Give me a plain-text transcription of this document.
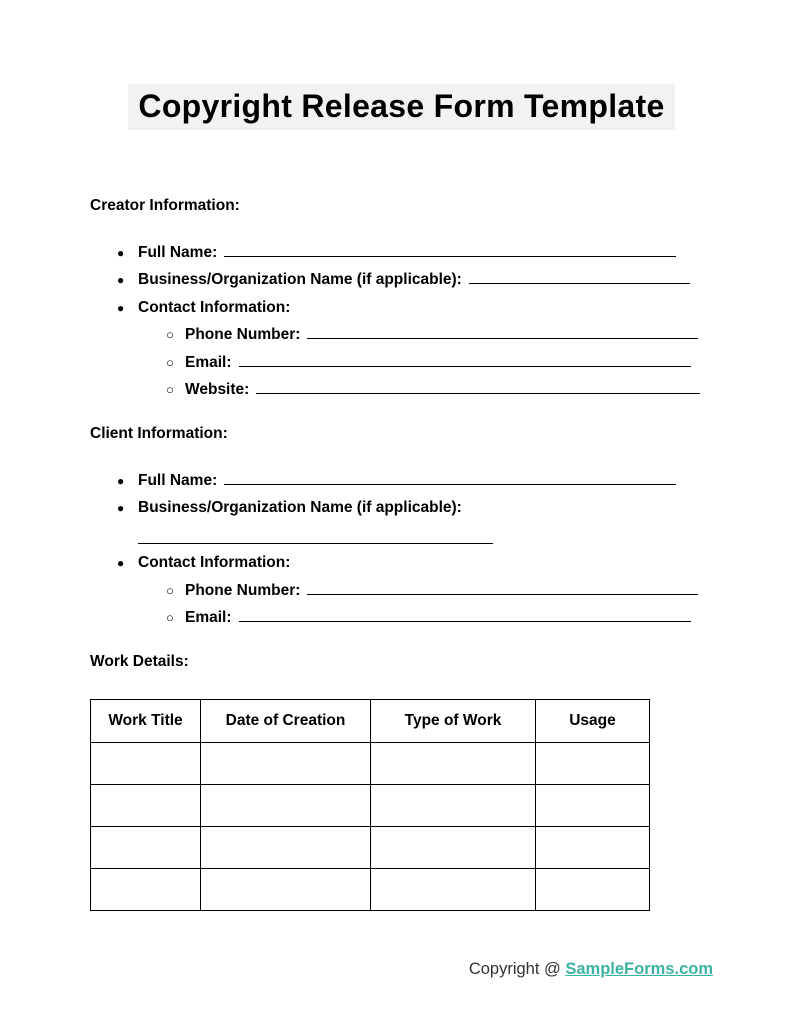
Copyright Release Form Template
Creator Information:
●
Full Name:
●
Business/Organization Name (if applicable):
●
Contact Information:
○
Phone Number:
○
Email:
○
Website:
Client Information:
●
Full Name:
●
Business/Organization Name (if applicable):
●
Contact Information:
○
Phone Number:
○
Email:
Work Details:
Work Title	Date of Creation	Type of Work	Usage

Copyright @ SampleForms.com
